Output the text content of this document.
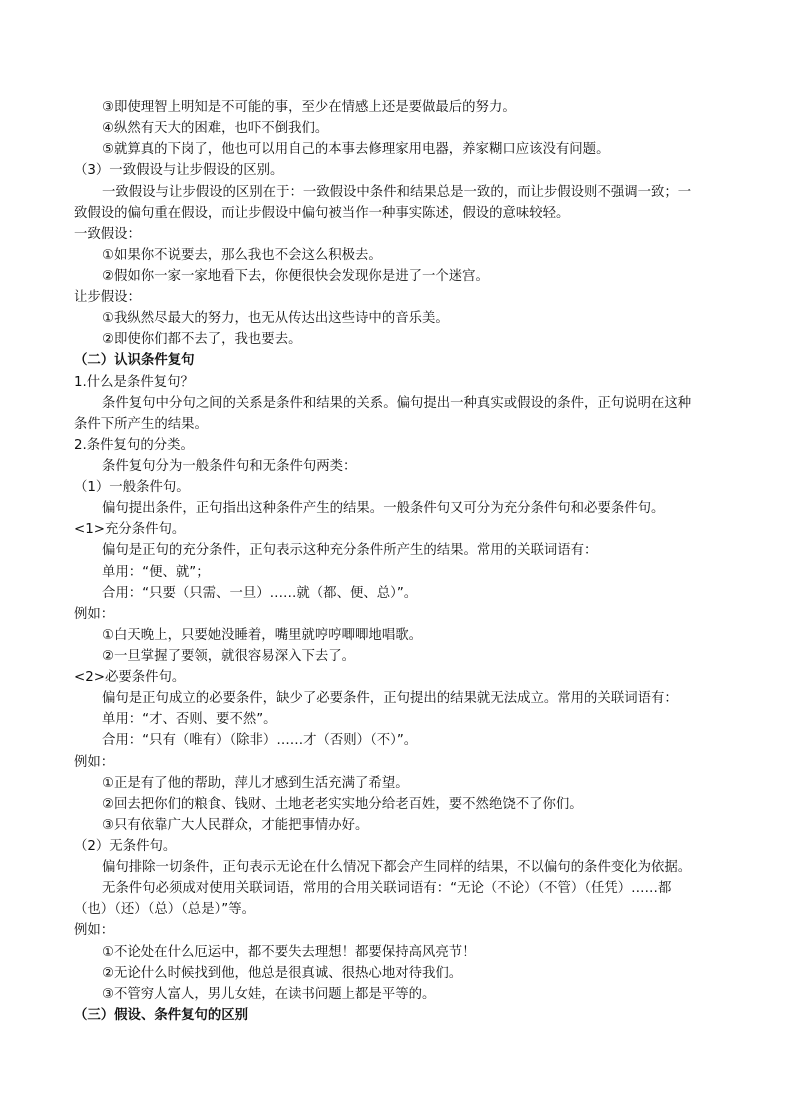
③即使理智上明知是不可能的事，至少在情感上还是要做最后的努力。
④纵然有天大的困难，也吓不倒我们。
⑤就算真的下岗了，他也可以用自己的本事去修理家用电器，养家糊口应该没有问题。
（3）一致假设与让步假设的区别。
一致假设与让步假设的区别在于：一致假设中条件和结果总是一致的，而让步假设则不强调一致；一
致假设的偏句重在假设，而让步假设中偏句被当作一种事实陈述，假设的意味较轻。
一致假设：
①如果你不说要去，那么我也不会这么积极去。
②假如你一家一家地看下去，你便很快会发现你是进了一个迷宫。
让步假设：
①我纵然尽最大的努力，也无从传达出这些诗中的音乐美。
②即使你们都不去了，我也要去。
（二）认识条件复句
1.什么是条件复句？
条件复句中分句之间的关系是条件和结果的关系。偏句提出一种真实或假设的条件，正句说明在这种
条件下所产生的结果。
2.条件复句的分类。
条件复句分为一般条件句和无条件句两类：
（1）一般条件句。
偏句提出条件，正句指出这种条件产生的结果。一般条件句又可分为充分条件句和必要条件句。
<1>充分条件句。
偏句是正句的充分条件，正句表示这种充分条件所产生的结果。常用的关联词语有：
单用：“便、就”；
合用：“只要（只需、一旦）……就（都、便、总）”。
例如：
①白天晚上，只要她没睡着，嘴里就哼哼唧唧地唱歌。
②一旦掌握了要领，就很容易深入下去了。
<2>必要条件句。
偏句是正句成立的必要条件，缺少了必要条件，正句提出的结果就无法成立。常用的关联词语有：
单用：“才、否则、要不然”。
合用：“只有（唯有）（除非）……才（否则）（不）”。
例如：
①正是有了他的帮助，萍儿才感到生活充满了希望。
②回去把你们的粮食、钱财、土地老老实实地分给老百姓，要不然绝饶不了你们。
③只有依靠广大人民群众，才能把事情办好。
（2）无条件句。
偏句排除一切条件，正句表示无论在什么情况下都会产生同样的结果，不以偏句的条件变化为依据。
无条件句必须成对使用关联词语，常用的合用关联词语有：“无论（不论）（不管）（任凭）……都
（也）（还）（总）（总是）”等。
例如：
①不论处在什么厄运中，都不要失去理想！都要保持高风亮节！
②无论什么时候找到他，他总是很真诚、很热心地对待我们。
③不管穷人富人，男儿女娃，在读书问题上都是平等的。
（三）假设、条件复句的区别
